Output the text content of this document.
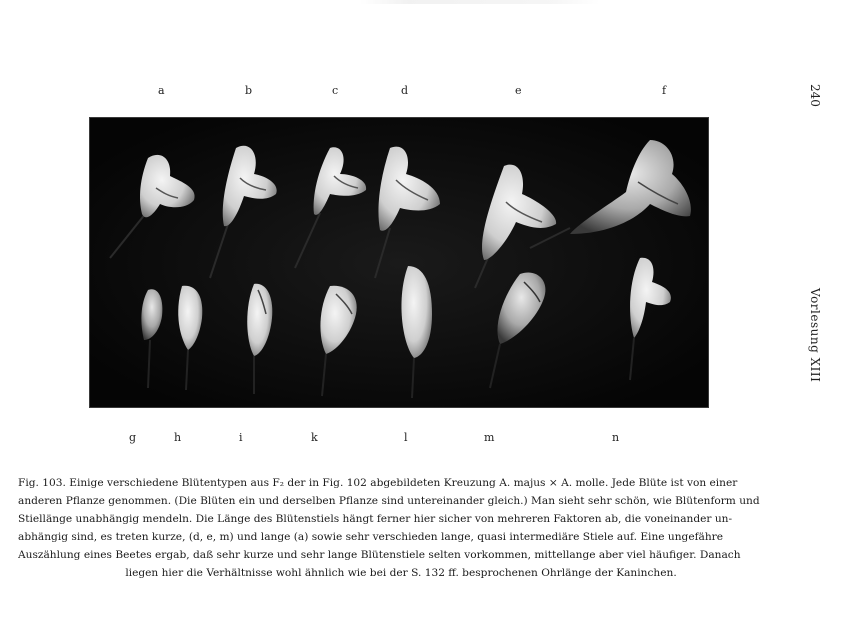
a	b	c	d	e	f	240
Vorlesung XIII
g	h	i	k	l	m	n
Fig. 103. Einige verschiedene Blütentypen aus F₂ der in Fig. 102 abgebildeten Kreuzung A. majus × A. molle. Jede Blüte ist von einer
anderen Pflanze genommen. (Die Blüten ein und derselben Pflanze sind untereinander gleich.) Man sieht sehr schön, wie Blütenform und
Stiellänge unabhängig mendeln. Die Länge des Blütenstiels hängt ferner hier sicher von mehreren Faktoren ab, die voneinander un-
abhängig sind, es treten kurze, (d, e, m) und lange (a) sowie sehr verschieden lange, quasi intermediäre Stiele auf. Eine ungefähre
Auszählung eines Beetes ergab, daß sehr kurze und sehr lange Blütenstiele selten vorkommen, mittellange aber viel häufiger. Danach
liegen hier die Verhältnisse wohl ähnlich wie bei der S. 132 ff. besprochenen Ohrlänge der Kaninchen.
